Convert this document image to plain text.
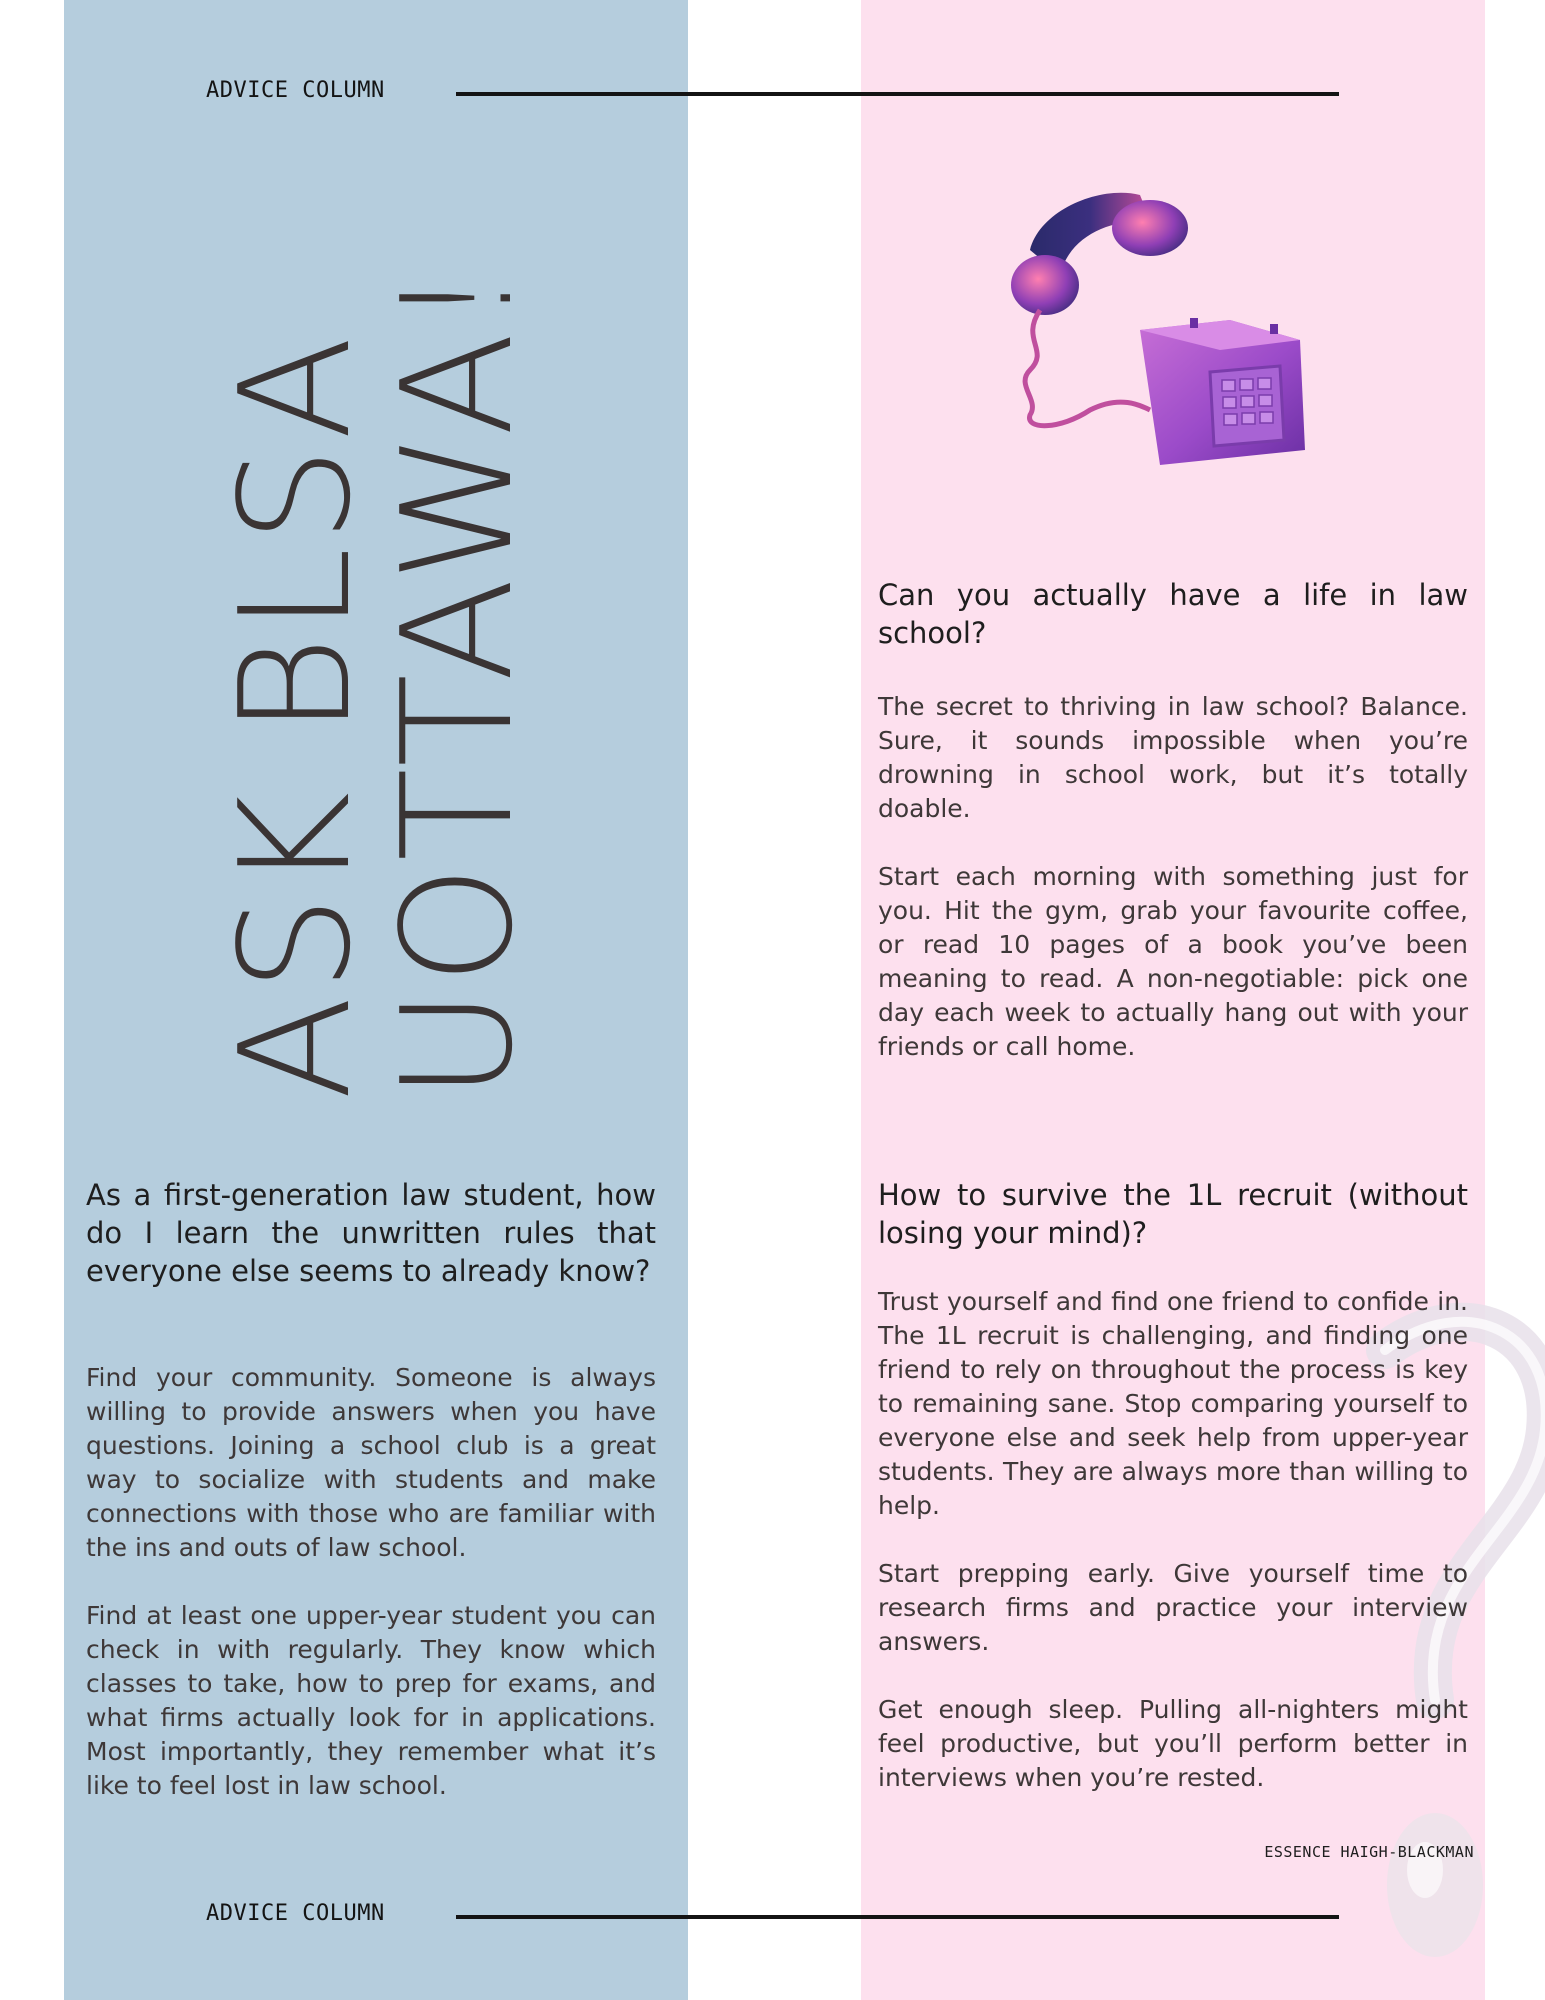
ADVICE COLUMN
ASK BLSA
UOTTAWA!
As a first-generation law student, how do I learn the unwritten rules that everyone else seems to already know?

Find your community. Someone is always willing to provide answers when you have questions. Joining a school club is a great way to socialize with students and make connections with those who are familiar with the ins and outs of law school.

Find at least one upper-year student you can check in with regularly. They know which classes to take, how to prep for exams, and what firms actually look for in applications. Most importantly, they remember what it’s like to feel lost in law school.

Can you actually have a life in law school?

The secret to thriving in law school? Balance. Sure, it sounds impossible when you’re drowning in school work, but it’s totally doable.

Start each morning with something just for you. Hit the gym, grab your favourite coffee, or read 10 pages of a book you’ve been meaning to read. A non-negotiable: pick one day each week to actually hang out with your friends or call home.

How to survive the 1L recruit (without losing your mind)?

Trust yourself and find one friend to confide in. The 1L recruit is challenging, and finding one friend to rely on throughout the process is key to remaining sane. Stop comparing yourself to everyone else and seek help from upper-year students. They are always more than willing to help.

Start prepping early. Give yourself time to research firms and practice your interview answers.

Get enough sleep. Pulling all-nighters might feel productive, but you’ll perform better in interviews when you’re rested.

ESSENCE HAIGH-BLACKMAN
ADVICE COLUMN
